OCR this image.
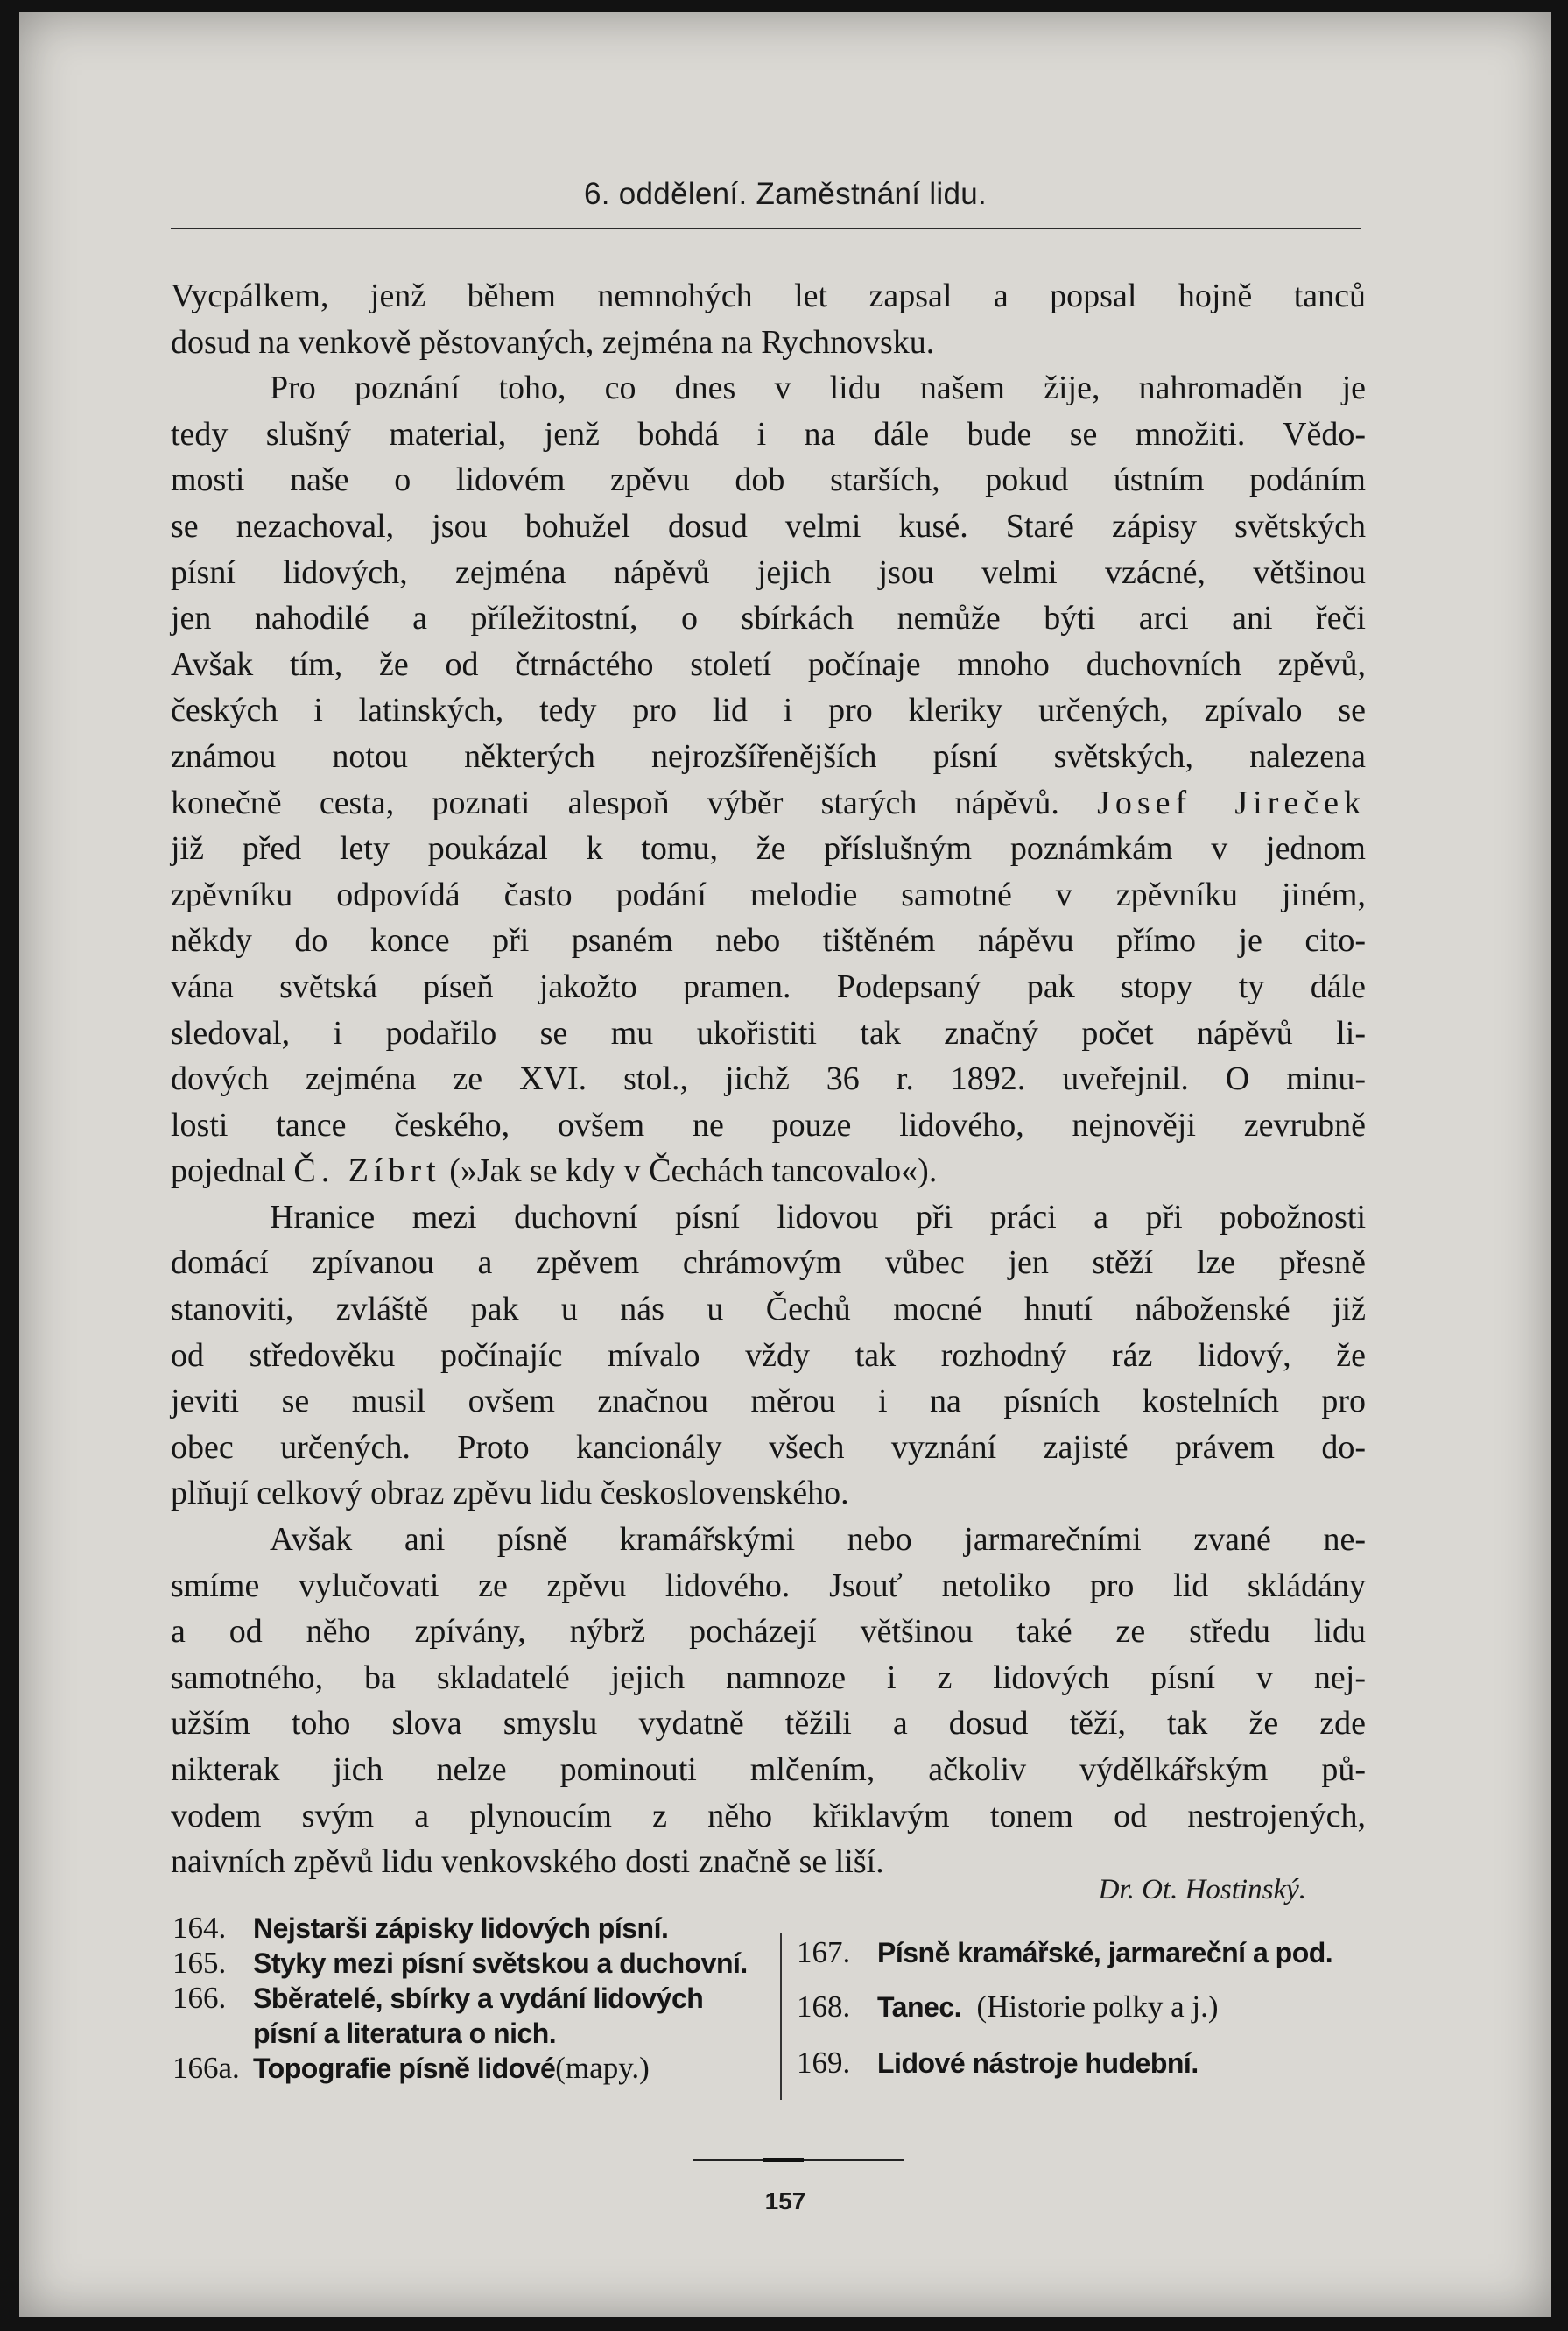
6. oddělení. Zaměstnání lidu.

Vycpálkem, jenž během nemnohých let zapsal a popsal hojně tanců

dosud na venkově pěstovaných, zejména na Rychnovsku.

Pro poznání toho, co dnes v lidu našem žije, nahromaděn je

tedy slušný material, jenž bohdá i na dále bude se množiti. Vědo-

mosti naše o lidovém zpěvu dob starších, pokud ústním podáním

se nezachoval, jsou bohužel dosud velmi kusé. Staré zápisy světských

písní lidových, zejména nápěvů jejich jsou velmi vzácné, většinou

jen nahodilé a příležitostní, o sbírkách nemůže býti arci ani řeči

Avšak tím, že od čtrnáctého století počínaje mnoho duchovních zpěvů,

českých i latinských, tedy pro lid i pro kleriky určených, zpívalo se

známou notou některých nejrozšířenějších písní světských, nalezena

konečně cesta, poznati alespoň výběr starých nápěvů. Josef Jireček

již před lety poukázal k tomu, že příslušným poznámkám v jednom

zpěvníku odpovídá často podání melodie samotné v zpěvníku jiném,

někdy do konce při psaném nebo tištěném nápěvu přímo je cito-

vána světská píseň jakožto pramen. Podepsaný pak stopy ty dále

sledoval, i podařilo se mu ukořistiti tak značný počet nápěvů li-

dových zejména ze XVI. stol., jichž 36 r. 1892. uveřejnil. O minu-

losti tance českého, ovšem ne pouze lidového, nejnověji zevrubně

pojednal Č. Zíbrt (»Jak se kdy v Čechách tancovalo«).

Hranice mezi duchovní písní lidovou při práci a při pobožnosti

domácí zpívanou a zpěvem chrámovým vůbec jen stěží lze přesně

stanoviti, zvláště pak u nás u Čechů mocné hnutí náboženské již

od středověku počínajíc mívalo vždy tak rozhodný ráz lidový, že

jeviti se musil ovšem značnou měrou i na písních kostelních pro

obec určených. Proto kancionály všech vyznání zajisté právem do-

plňují celkový obraz zpěvu lidu československého.

Avšak ani písně kramářskými nebo jarmarečními zvané ne-

smíme vylučovati ze zpěvu lidového. Jsouť netoliko pro lid skládány

a od něho zpívány, nýbrž pocházejí většinou také ze středu lidu

samotného, ba skladatelé jejich namnoze i z lidových písní v nej-

užším toho slova smyslu vydatně těžili a dosud těží, tak že zde

nikterak jich nelze pominouti mlčením, ačkoliv výdělkářským pů-

vodem svým a plynoucím z něho křiklavým tonem od nestrojených,

naivních zpěvů lidu venkovského dosti značně se liší.

Dr. Ot. Hostinský.
164. Nejstarši zápisky lidových písní.
165. Styky mezi písní světskou a duchovní.
166. Sběratelé, sbírky a vydání lidových písní a literatura o nich.
166a. Topografie písně lidové(mapy.)
167. Písně kramářské, jarmareční a pod.
168. Tanec. (Historie polky a j.)
169. Lidové nástroje hudební.
157
